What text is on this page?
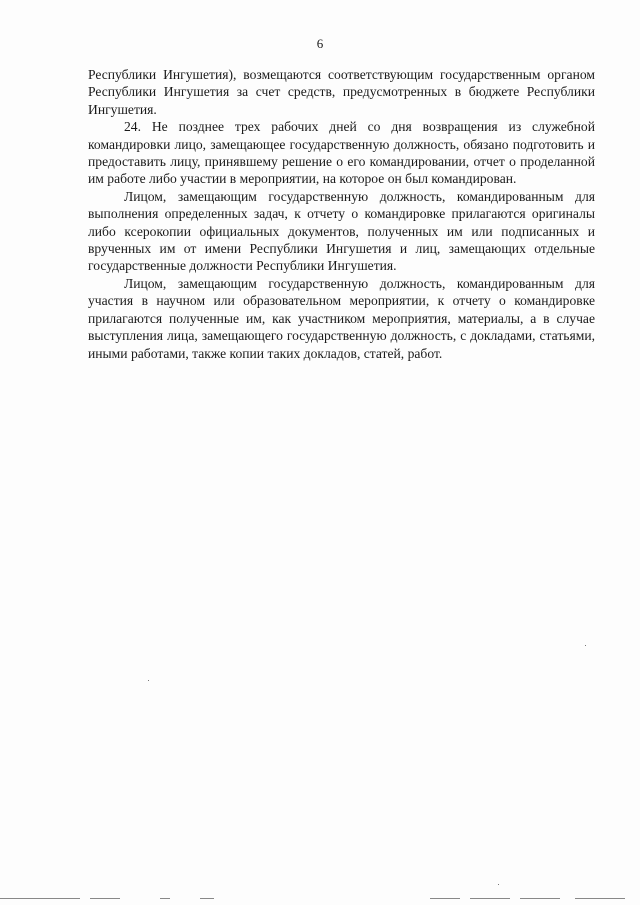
6

Республики Ингушетия), возмещаются соответствующим государственным органом Республики Ингушетия за счет средств, предусмотренных в бюджете Республики Ингушетия.

24. Не позднее трех рабочих дней со дня возвращения из служебной командировки лицо, замещающее государственную должность, обязано подготовить и предоставить лицу, принявшему решение о его командировании, отчет о проделанной им работе либо участии в мероприятии, на которое он был командирован.

Лицом, замещающим государственную должность, командированным для выполнения определенных задач, к отчету о командировке прилагаются оригиналы либо ксерокопии официальных документов, полученных им или подписанных и врученных им от имени Республики Ингушетия и лиц, замещающих отдельные государственные должности Республики Ингушетия.

Лицом, замещающим государственную должность, командированным для участия в научном или образовательном мероприятии, к отчету о командировке прилагаются полученные им, как участником мероприятия, материалы, а в случае выступления лица, замещающего государственную должность, с докладами, статьями, иными работами, также копии таких докладов, статей, работ.
